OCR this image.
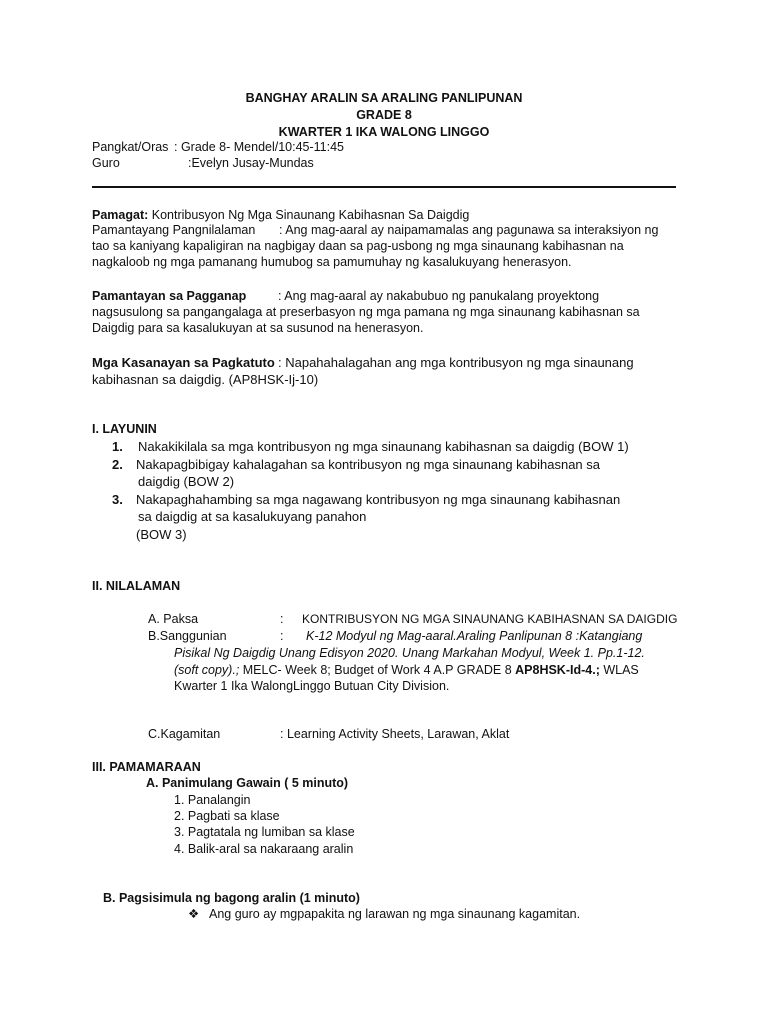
BANGHAY ARALIN SA ARALING PANLIPUNAN
GRADE 8
KWARTER 1 IKA WALONG LINGGO
Pangkat/Oras : Grade 8- Mendel/10:45-11:45
Guro	:Evelyn Jusay-Mundas
Pamagat: Kontribusyon Ng Mga Sinaunang Kabihasnan Sa Daigdig
Pamantayang Pangnilalaman : Ang mag-aaral ay naipamamalas ang pagunawa sa interaksiyon ng
tao sa kaniyang kapaligiran na nagbigay daan sa pag-usbong ng mga sinaunang kabihasnan na
nagkaloob ng mga pamanang humubog sa pamumuhay ng kasalukuyang henerasyon.
Pamantayan sa Pagganap	: Ang mag-aaral ay nakabubuo ng panukalang proyektong
nagsusulong sa pangangalaga at preserbasyon ng mga pamana ng mga sinaunang kabihasnan sa
Daigdig para sa kasalukuyan at sa susunod na henerasyon.
Mga Kasanayan sa Pagkatuto : Napahahalagahan ang mga kontribusyon ng mga sinaunang
kabihasnan sa daigdig. (AP8HSK-Ij-10)
I. LAYUNIN
1. Nakakikilala sa mga kontribusyon ng mga sinaunang kabihasnan sa daigdig (BOW 1)
2. Nakapagbibigay kahalagahan sa kontribusyon ng mga sinaunang kabihasnan sa
daigdig (BOW 2)
3. Nakapaghahambing sa mga nagawang kontribusyon ng mga sinaunang kabihasnan
sa daigdig at sa kasalukuyang panahon
(BOW 3)
II. NILALAMAN
A. Paksa	: KONTRIBUSYON NG MGA SINAUNANG KABIHASNAN SA DAIGDIG
B.Sanggunian	: K-12 Modyul ng Mag-aaral.Araling Panlipunan 8 :Katangiang
Pisikal Ng Daigdig Unang Edisyon 2020. Unang Markahan Modyul, Week 1. Pp.1-12.
(soft copy).; MELC- Week 8; Budget of Work 4 A.P GRADE 8 AP8HSK-Id-4.; WLAS
Kwarter 1 Ika WalongLinggo Butuan City Division.
C.Kagamitan	: Learning Activity Sheets, Larawan, Aklat
III. PAMAMARAAN
A. Panimulang Gawain ( 5 minuto)
1. Panalangin
2. Pagbati sa klase
3. Pagtatala ng lumiban sa klase
4. Balik-aral sa nakaraang aralin
B. Pagsisimula ng bagong aralin (1 minuto)
❖ Ang guro ay mgpapakita ng larawan ng mga sinaunang kagamitan.
